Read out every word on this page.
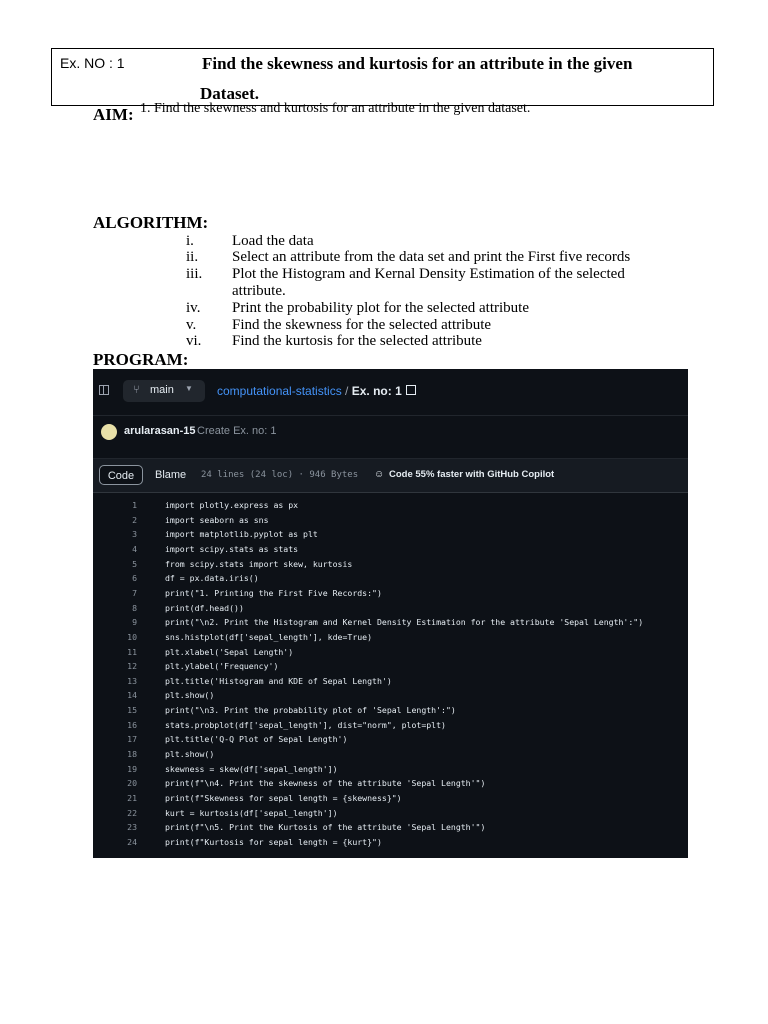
Ex. NO : 1	Find the skewness and kurtosis for an attribute in the given
Dataset.
AIM: 1. Find the skewness and kurtosis for an attribute in the given dataset.
ALGORITHM:
i.	Load the data
ii. Select an attribute from the data set and print the First five records
iii. Plot the Histogram and Kernal Density Estimation of the selected attribute.
iv. Print the probability plot for the selected attribute
v. Find the skewness for the selected attribute
vi. Find the kurtosis for the selected attribute
PROGRAM:
⑂ main ▼ computational-statistics / Ex. no: 1
arularasan-15 Create Ex. no: 1
Code	Blame 24 lines (24 loc) · 946 Bytes ☺ Code 55% faster with GitHub Copilot
1	import plotly.express as px
2	import seaborn as sns
3	import matplotlib.pyplot as plt
4	import scipy.stats as stats
5	from scipy.stats import skew, kurtosis
6	df = px.data.iris()
7	print("1. Printing the First Five Records:")
8	print(df.head())
9	print("\n2. Print the Histogram and Kernel Density Estimation for the attribute 'Sepal Length':")
10	sns.histplot(df['sepal_length'], kde=True)
11	plt.xlabel('Sepal Length')
12	plt.ylabel('Frequency')
13	plt.title('Histogram and KDE of Sepal Length')
14	plt.show()
15	print("\n3. Print the probability plot of 'Sepal Length':")
16	stats.probplot(df['sepal_length'], dist="norm", plot=plt)
17	plt.title('Q-Q Plot of Sepal Length')
18	plt.show()
19	skewness = skew(df['sepal_length'])
20	print(f"\n4. Print the skewness of the attribute 'Sepal Length'")
21	print(f"Skewness for sepal length = {skewness}")
22	kurt = kurtosis(df['sepal_length'])
23	print(f"\n5. Print the Kurtosis of the attribute 'Sepal Length'")
24	print(f"Kurtosis for sepal length = {kurt}")
